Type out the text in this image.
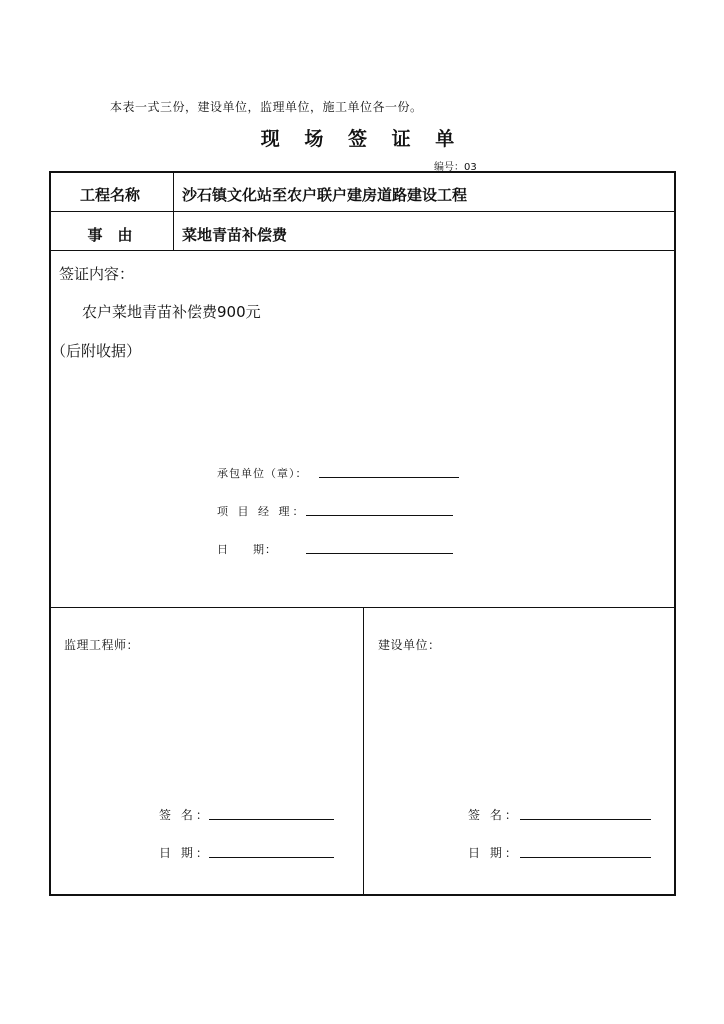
本表一式三份，建设单位，监理单位，施工单位各一份。
现 场 签 证 单
编号：03
工程名称	沙石镇文化站至农户联户建房道路建设工程
事　由	菜地青苗补偿费
签证内容：
农户菜地青苗补偿费900元
（后附收据）
承包单位（章）：
项 目 经 理：
日　　期：
监理工程师：
签 名：
日 期：
建设单位：
签 名：
日 期：
